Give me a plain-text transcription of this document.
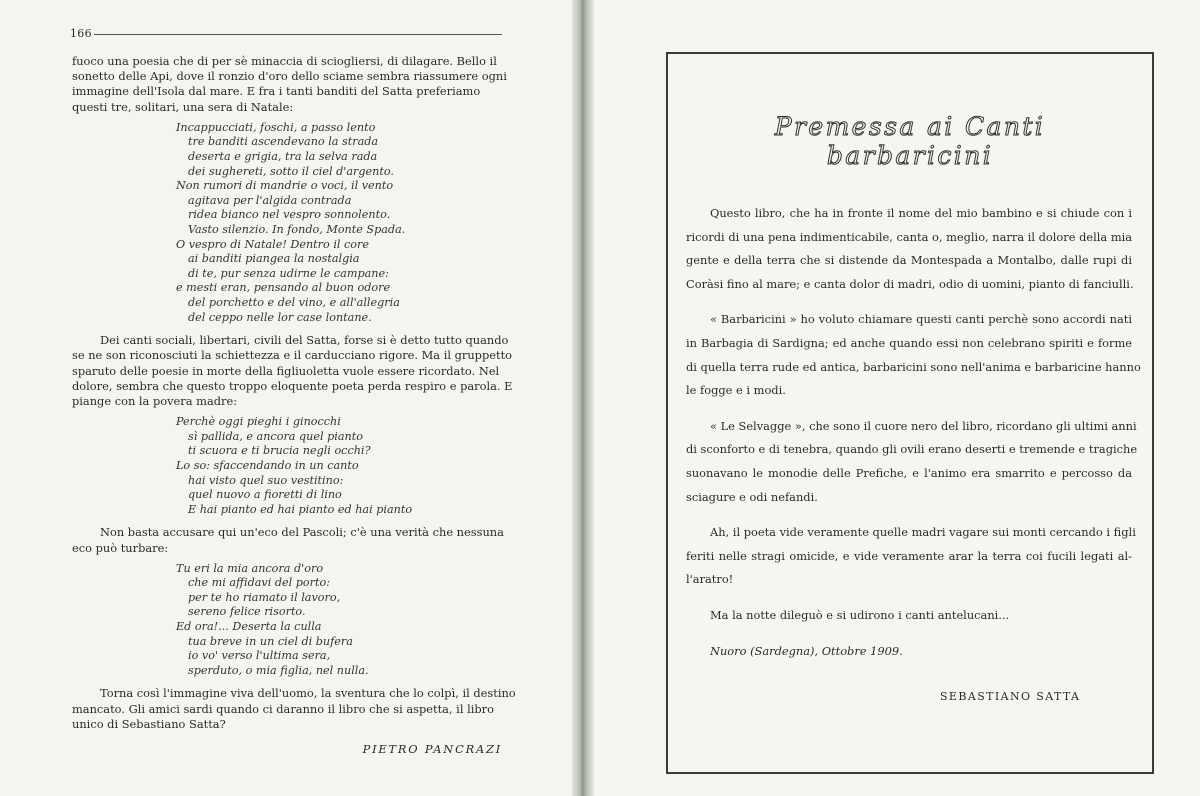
166

fuoco una poesia che di per sè minaccia di sciogliersi, di dilagare. Bello il
sonetto delle Api, dove il ronzio d'oro dello sciame sembra riassumere ogni
immagine dell'Isola dal mare. E fra i tanti banditi del Satta preferiamo
questi tre, solitari, una sera di Natale:

Incappucciati, foschi, a passo lento
tre banditi ascendevano la strada
deserta e grigia, tra la selva rada
dei sughereti, sotto il ciel d'argento.
Non rumori di mandrie o voci, il vento
agitava per l'algida contrada
ridea bianco nel vespro sonnolento.
Vasto silenzio. In fondo, Monte Spada.
O vespro di Natale! Dentro il core
ai banditi piangea la nostalgia
di te, pur senza udirne le campane:
e mesti eran, pensando al buon odore
del porchetto e del vino, e all'allegria
del ceppo nelle lor case lontane.

Dei canti sociali, libertari, civili del Satta, forse si è detto tutto quando
se ne son riconosciuti la schiettezza e il carducciano rigore. Ma il gruppetto
sparuto delle poesie in morte della figliuoletta vuole essere ricordato. Nel
dolore, sembra che questo troppo eloquente poeta perda respiro e parola. E
piange con la povera madre:

Perchè oggi pieghi i ginocchi
sì pallida, e ancora quel pianto
ti scuora e ti brucia negli occhi?
Lo so: sfaccendando in un canto
hai visto quel suo vestitino:
quel nuovo a fioretti di lino
E hai pianto ed hai pianto ed hai pianto

Non basta accusare qui un'eco del Pascoli; c'è una verità che nessuna
eco può turbare:

Tu eri la mia ancora d'oro
che mi affidavi del porto:
per te ho riamato il lavoro,
sereno felice risorto.
Ed ora!... Deserta la culla
tua breve in un ciel di bufera
io vo' verso l'ultima sera,
sperduto, o mia figlia, nel nulla.

Torna così l'immagine viva dell'uomo, la sventura che lo colpì, il destino
mancato. Gli amici sardi quando ci daranno il libro che si aspetta, il libro
unico di Sebastiano Satta?

PIETRO PANCRAZI
Premessa ai Canti barbaricini

Questo libro, che ha in fronte il nome del mio bambino e si chiude con i
ricordi di una pena indimenticabile, canta o, meglio, narra il dolore della mia
gente e della terra che si distende da Montespada a Montalbo, dalle rupi di
Coràsi fino al mare; e canta dolor di madri, odio di uomini, pianto di fanciulli.

« Barbaricini » ho voluto chiamare questi canti perchè sono accordi nati
in Barbagia di Sardigna; ed anche quando essi non celebrano spiriti e forme
di quella terra rude ed antica, barbaricini sono nell'anima e barbaricine hanno
le fogge e i modi.

« Le Selvagge », che sono il cuore nero del libro, ricordano gli ultimi anni
di sconforto e di tenebra, quando gli ovili erano deserti e tremende e tragiche
suonavano le monodie delle Prefiche, e l'animo era smarrito e percosso da
sciagure e odi nefandi.

Ah, il poeta vide veramente quelle madri vagare sui monti cercando i figli
feriti nelle stragi omicide, e vide veramente arar la terra coi fucili legati al-
l'aratro!

Ma la notte dileguò e si udirono i canti antelucani...

Nuoro (Sardegna), Ottobre 1909.

SEBASTIANO SATTA
